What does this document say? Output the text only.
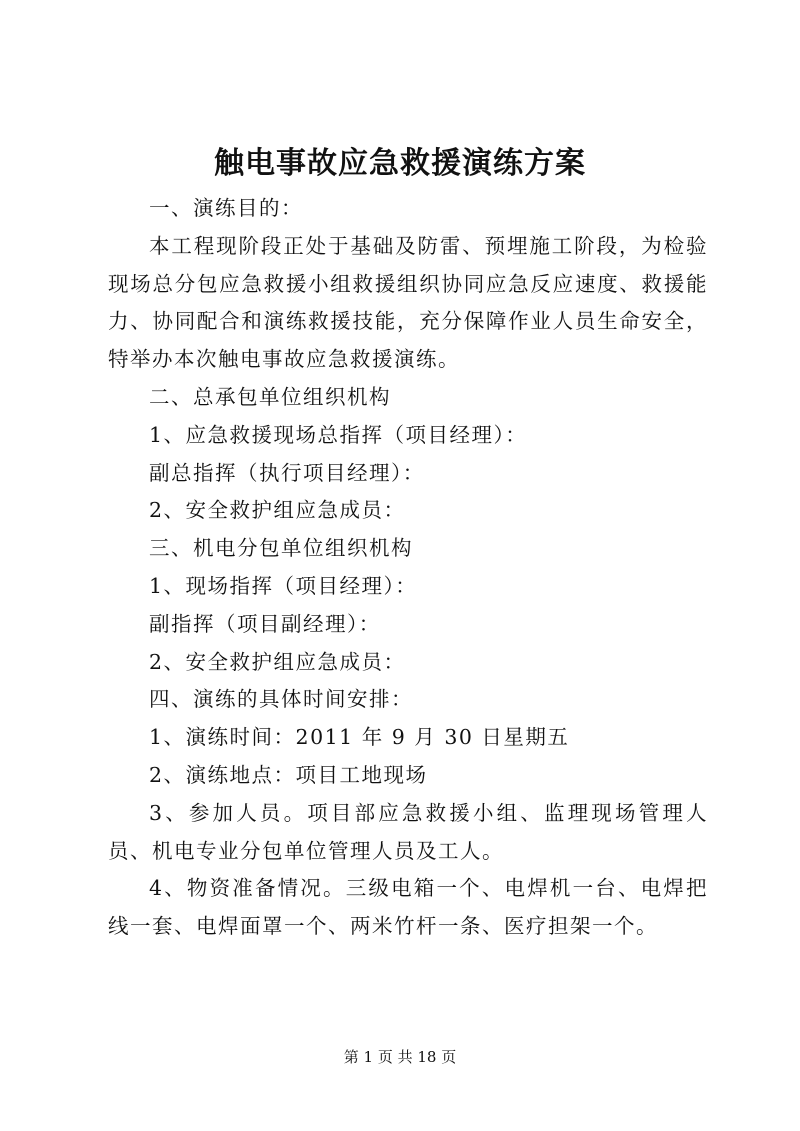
触电事故应急救援演练方案

一、演练目的：

本工程现阶段正处于基础及防雷、预埋施工阶段，为检验现场总分包应急救援小组救援组织协同应急反应速度、救援能力、协同配合和演练救援技能，充分保障作业人员生命安全，特举办本次触电事故应急救援演练。

二、总承包单位组织机构

1、应急救援现场总指挥（项目经理）：

副总指挥（执行项目经理）：

2、安全救护组应急成员：

三、机电分包单位组织机构

1、现场指挥（项目经理）：

副指挥（项目副经理）：

2、安全救护组应急成员：

四、演练的具体时间安排：

1、演练时间：2011 年 9 月 30 日星期五

2、演练地点：项目工地现场

3、参加人员。项目部应急救援小组、监理现场管理人员、机电专业分包单位管理人员及工人。

4、物资准备情况。三级电箱一个、电焊机一台、电焊把线一套、电焊面罩一个、两米竹杆一条、医疗担架一个。

第 1 页 共 18 页
